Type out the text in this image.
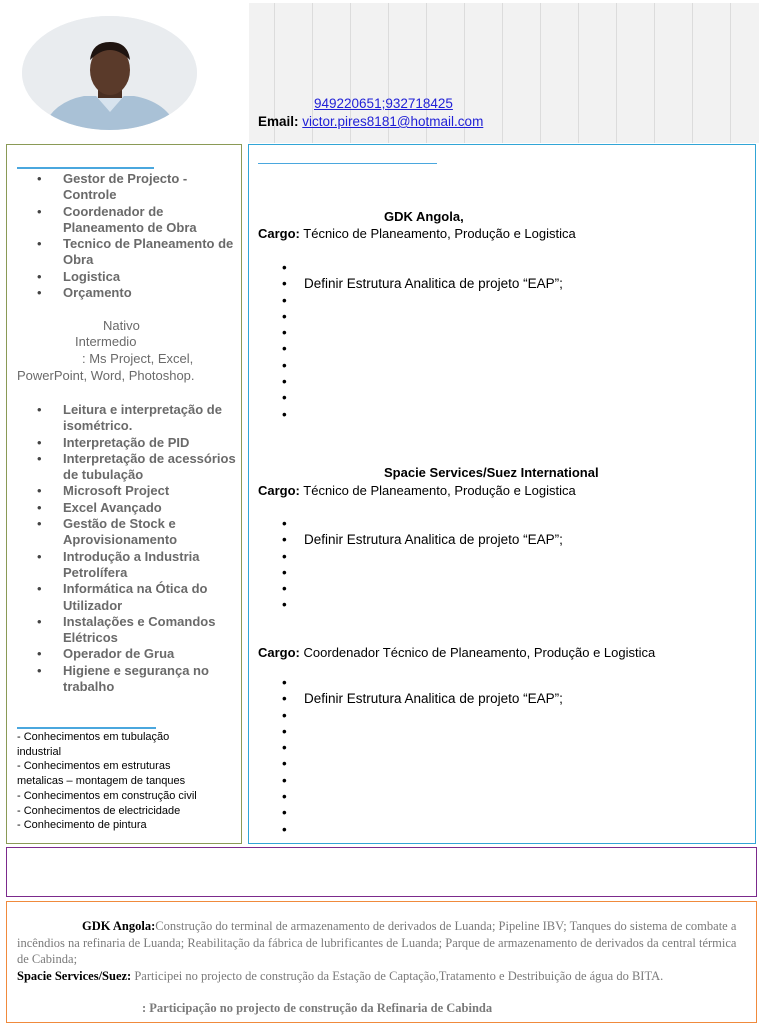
949220651;932718425
Email: victor.pires8181@hotmail.com
• Gestor de Projecto - Controle
• Coordenador de Planeamento de Obra
• Tecnico de Planeamento de Obra
• Logistica
• Orçamento
Nativo
Intermedio
: Ms Project, Excel,
PowerPoint, Word, Photoshop.
• Leitura e interpretação de isométrico.
• Interpretação de PID
• Interpretação de acessórios de tubulação
• Microsoft Project
• Excel Avançado
• Gestão de Stock e Aprovisionamento
• Introdução a Industria Petrolífera
• Informática na Ótica do Utilizador
• Instalações e Comandos Elétricos
• Operador de Grua
• Higiene e segurança no trabalho
- Conhecimentos em tubulação
industrial
- Conhecimentos em estruturas
metalicas – montagem de tanques
- Conhecimentos em construção civil
- Conhecimentos de electricidade
- Conhecimento de pintura
GDK Angola,
Cargo: Técnico de Planeamento, Produção e Logistica
•
• Definir Estrutura Analitica de projeto “EAP”;
•
•
•
•
•
•
•
•
Spacie Services/Suez International
Cargo: Técnico de Planeamento, Produção e Logistica
•
• Definir Estrutura Analitica de projeto “EAP”;
•
•
•
•
Cargo: Coordenador Técnico de Planeamento, Produção e Logistica
•
• Definir Estrutura Analitica de projeto “EAP”;
•
•
•
•
•
•
•
•
GDK Angola:Construção do terminal de armazenamento de derivados de Luanda; Pipeline IBV; Tanques do sistema de combate a incêndios na refinaria de Luanda; Reabilitação da fábrica de lubrificantes de Luanda; Parque de armazenamento de derivados da central térmica de Cabinda;
Spacie Services/Suez: Participei no projecto de construção da Estação de Captação,Tratamento e Destribuição de água do BITA.
: Participação no projecto de construção da Refinaria de Cabinda
